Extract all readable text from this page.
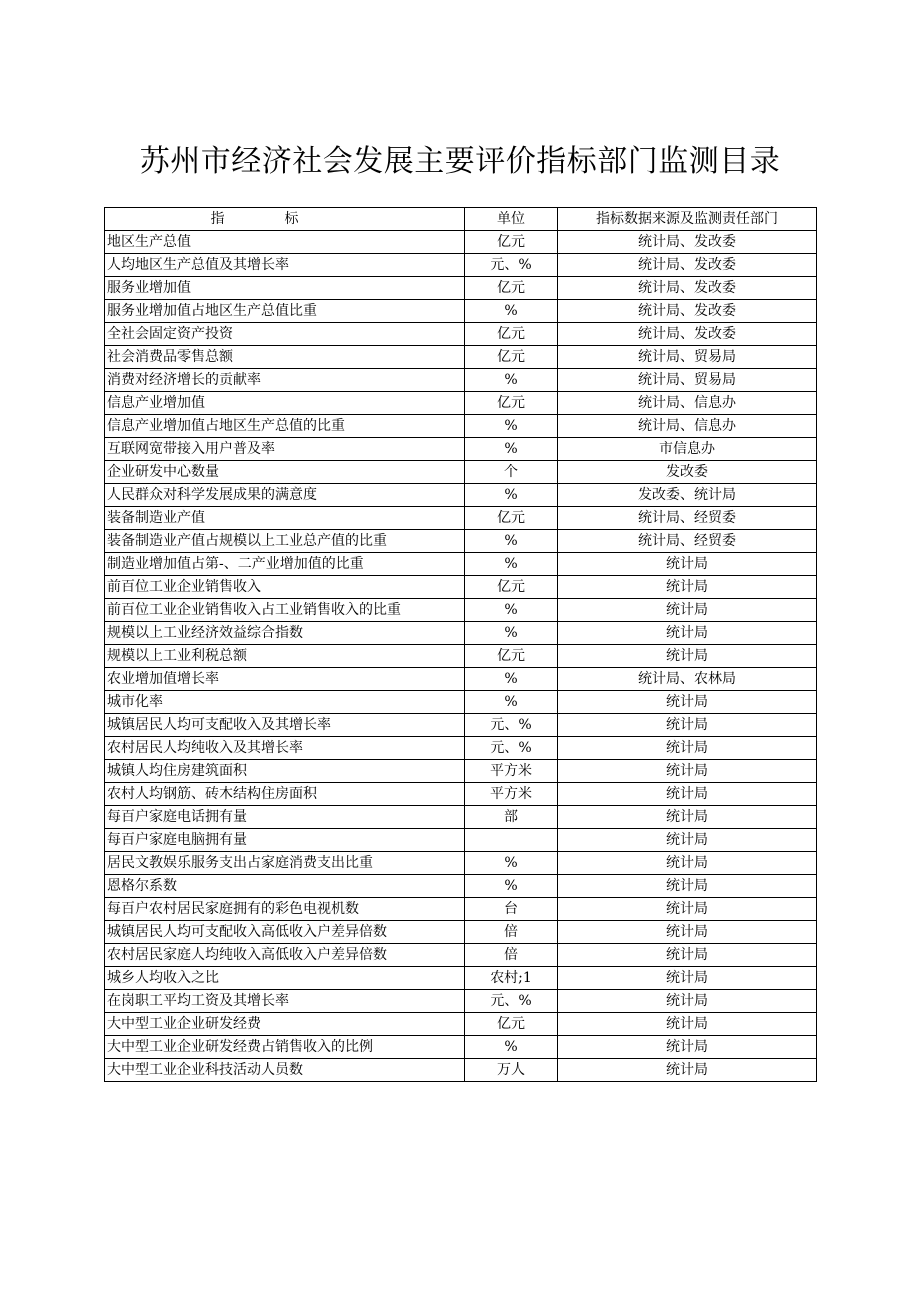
苏州市经济社会发展主要评价指标部门监测目录
指标	单位	指标数据来源及监测责任部门
地区生产总值	亿元	统计局、发改委
人均地区生产总值及其增长率	元、%	统计局、发改委
服务业增加值	亿元	统计局、发改委
服务业增加值占地区生产总值比重	%	统计局、发改委
全社会固定资产投资	亿元	统计局、发改委
社会消费品零售总额	亿元	统计局、贸易局
消费对经济增长的贡献率	%	统计局、贸易局
信息产业增加值	亿元	统计局、信息办
信息产业增加值占地区生产总值的比重	%	统计局、信息办
互联网宽带接入用户普及率	%	市信息办
企业研发中心数量	个	发改委
人民群众对科学发展成果的满意度	%	发改委、统计局
装备制造业产值	亿元	统计局、经贸委
装备制造业产值占规模以上工业总产值的比重	%	统计局、经贸委
制造业增加值占第-、二产业增加值的比重	%	统计局
前百位工业企业销售收入	亿元	统计局
前百位工业企业销售收入占工业销售收入的比重	%	统计局
规模以上工业经济效益综合指数	%	统计局
规模以上工业利税总额	亿元	统计局
农业增加值增长率	%	统计局、农林局
城市化率	%	统计局
城镇居民人均可支配收入及其增长率	元、%	统计局
农村居民人均纯收入及其增长率	元、%	统计局
城镇人均住房建筑面积	平方米	统计局
农村人均钢筋、砖木结构住房面积	平方米	统计局
每百户家庭电话拥有量	部	统计局
每百户家庭电脑拥有量		统计局
居民文教娱乐服务支出占家庭消费支出比重	%	统计局
恩格尔系数	%	统计局
每百户农村居民家庭拥有的彩色电视机数	台	统计局
城镇居民人均可支配收入高低收入户差异倍数	倍	统计局
农村居民家庭人均纯收入高低收入户差异倍数	倍	统计局
城乡人均收入之比	农村;1	统计局
在岗职工平均工资及其增长率	元、%	统计局
大中型工业企业研发经费	亿元	统计局
大中型工业企业研发经费占销售收入的比例	%	统计局
大中型工业企业科技活动人员数	万人	统计局
